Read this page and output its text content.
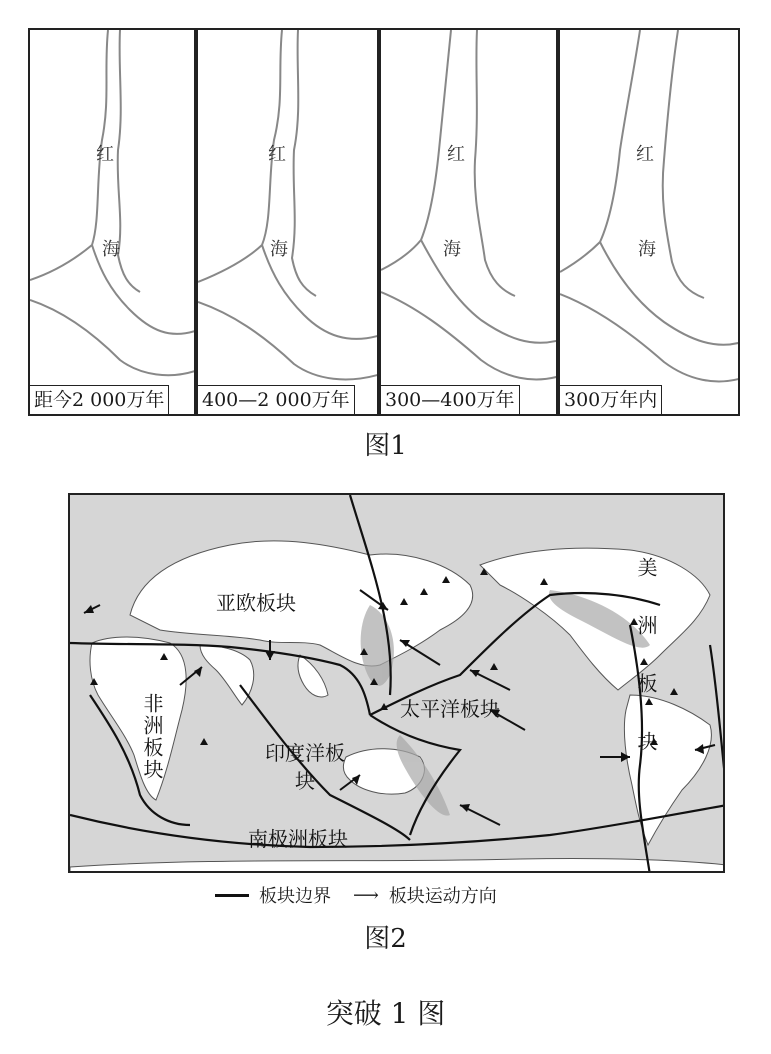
红
海
距今2 000万年
红
海
400—2 000万年
红
海
300—400万年
红
海
300万年内
图1
亚欧板块
非洲板块	太平洋板块
印度洋板块	美洲板块
南极洲板块
板块边界 ⟶ 板块运动方向
图2
突破 1 图
